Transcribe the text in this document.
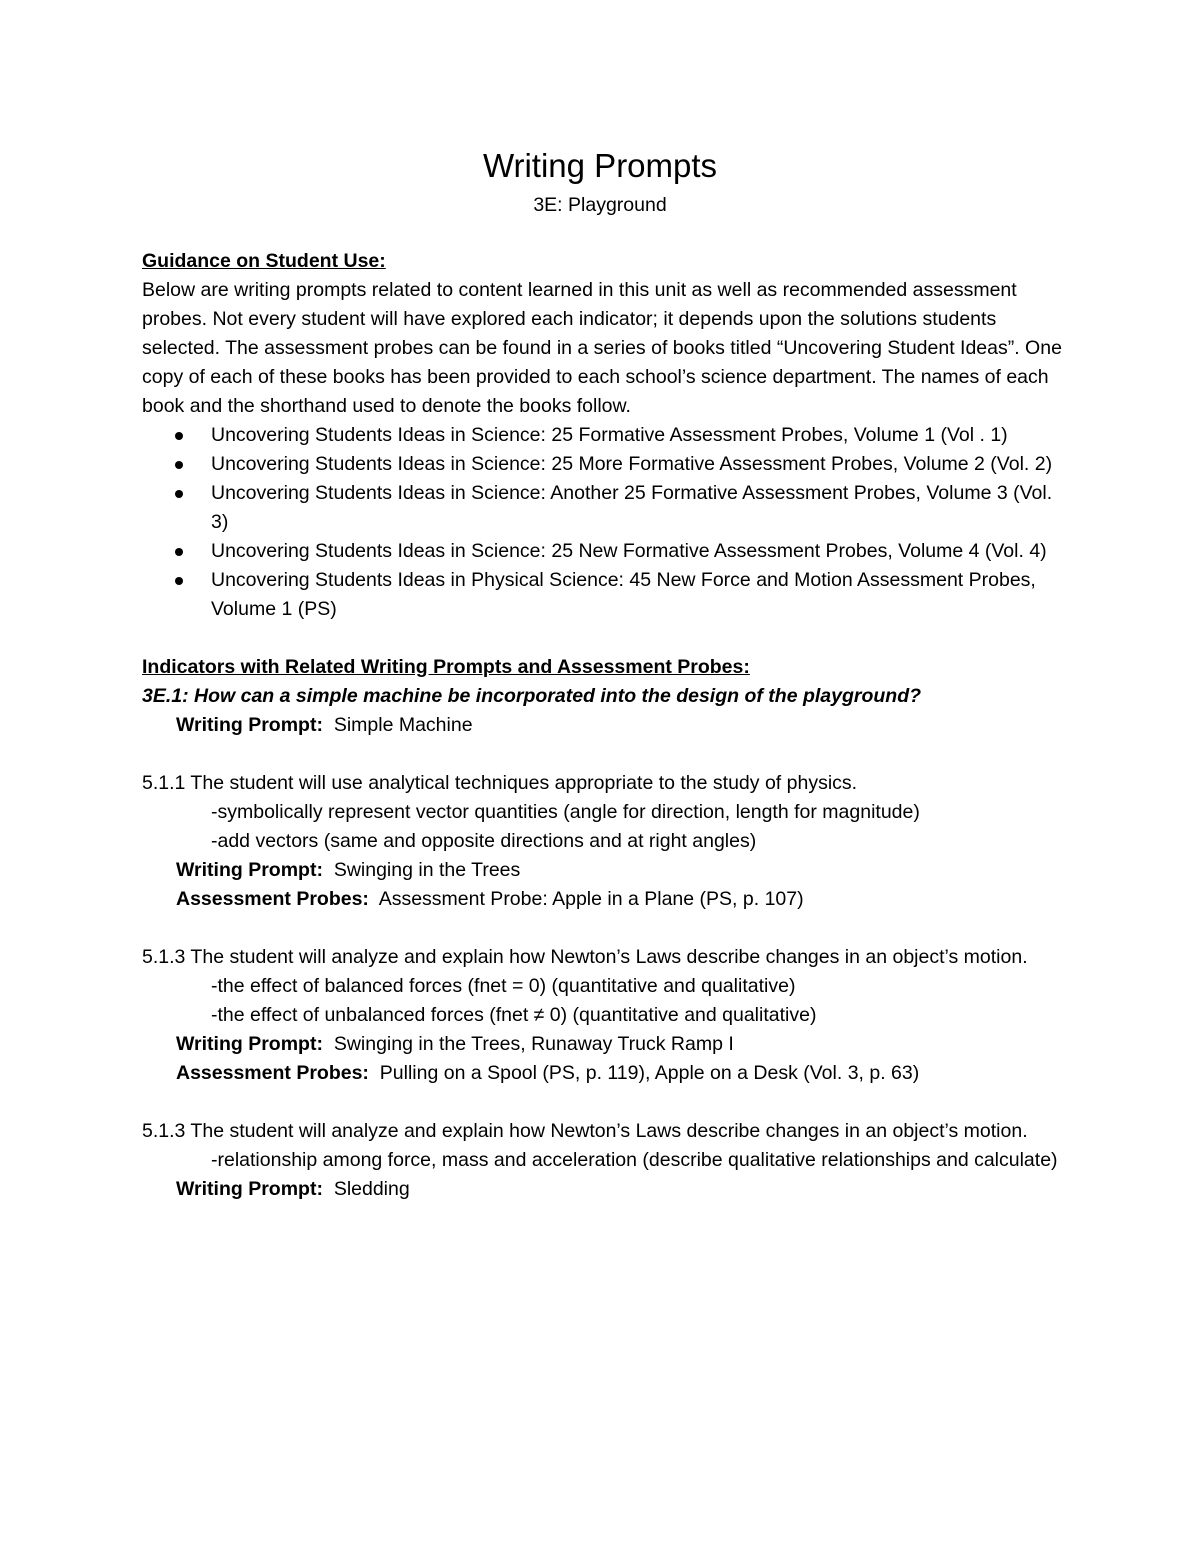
Writing Prompts
3E: Playground

Guidance on Student Use:

Below are writing prompts related to content learned in this unit as well as recommended assessment probes. Not every student will have explored each indicator; it depends upon the solutions students selected. The assessment probes can be found in a series of books titled “Uncovering Student Ideas”. One copy of each of these books has been provided to each school’s science department. The names of each book and the shorthand used to denote the books follow.

Uncovering Students Ideas in Science: 25 Formative Assessment Probes, Volume 1 (Vol . 1)
Uncovering Students Ideas in Science: 25 More Formative Assessment Probes, Volume 2 (Vol. 2)
Uncovering Students Ideas in Science: Another 25 Formative Assessment Probes, Volume 3 (Vol. 3)
Uncovering Students Ideas in Science: 25 New Formative Assessment Probes, Volume 4 (Vol. 4)
Uncovering Students Ideas in Physical Science: 45 New Force and Motion Assessment Probes, Volume 1 (PS)

Indicators with Related Writing Prompts and Assessment Probes:

3E.1: How can a simple machine be incorporated into the design of the playground?

Writing Prompt: Simple Machine

5.1.1 The student will use analytical techniques appropriate to the study of physics.

-symbolically represent vector quantities (angle for direction, length for magnitude)

-add vectors (same and opposite directions and at right angles)

Writing Prompt: Swinging in the Trees

Assessment Probes: Assessment Probe: Apple in a Plane (PS, p. 107)

5.1.3 The student will analyze and explain how Newton’s Laws describe changes in an object’s motion.

-the effect of balanced forces (fnet = 0) (quantitative and qualitative)

-the effect of unbalanced forces (fnet ≠ 0) (quantitative and qualitative)

Writing Prompt: Swinging in the Trees, Runaway Truck Ramp I

Assessment Probes: Pulling on a Spool (PS, p. 119), Apple on a Desk (Vol. 3, p. 63)

5.1.3 The student will analyze and explain how Newton’s Laws describe changes in an object’s motion.

-relationship among force, mass and acceleration (describe qualitative relationships and calculate)

Writing Prompt: Sledding
